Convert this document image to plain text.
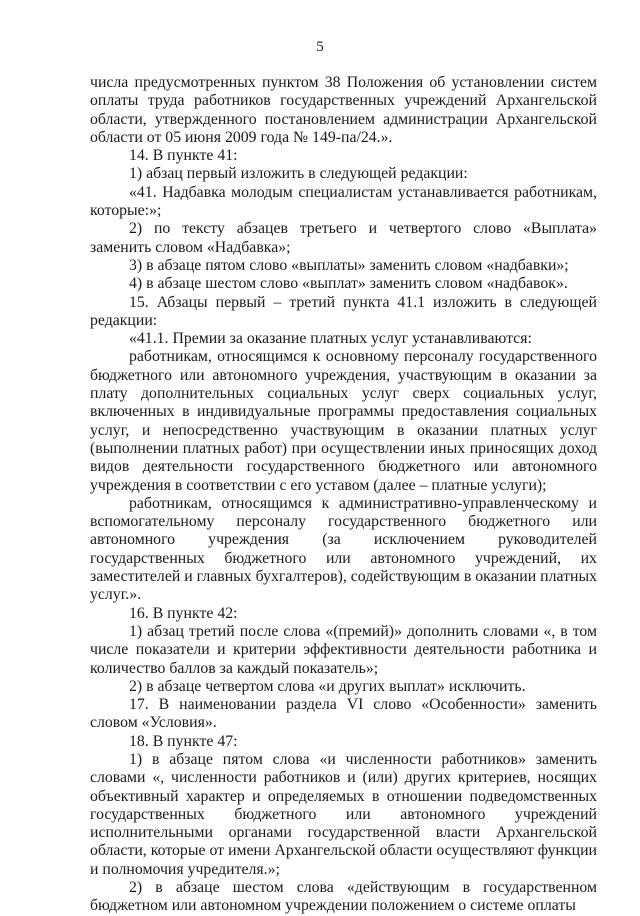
5

числа предусмотренных пунктом 38 Положения об установлении систем оплаты труда работников государственных учреждений Архангельской области, утвержденного постановлением администрации Архангельской области от 05 июня 2009 года № 149-па/24.».

14. В пункте 41:

1) абзац первый изложить в следующей редакции:

«41. Надбавка молодым специалистам устанавливается работникам, которые:»;

2) по тексту абзацев третьего и четвертого слово «Выплата» заменить словом «Надбавка»;

3) в абзаце пятом слово «выплаты» заменить словом «надбавки»;

4) в абзаце шестом слово «выплат» заменить словом «надбавок».

15. Абзацы первый – третий пункта 41.1 изложить в следующей редакции:

«41.1. Премии за оказание платных услуг устанавливаются:

работникам, относящимся к основному персоналу государственного бюджетного или автономного учреждения, участвующим в оказании за плату дополнительных социальных услуг сверх социальных услуг, включенных в индивидуальные программы предоставления социальных услуг, и непосредственно участвующим в оказании платных услуг (выполнении платных работ) при осуществлении иных приносящих доход видов деятельности государственного бюджетного или автономного учреждения в соответствии с его уставом (далее – платные услуги);

работникам, относящимся к административно-управленческому и вспомогательному персоналу государственного бюджетного или автономного учреждения (за исключением руководителей государственных бюджетного или автономного учреждений, их заместителей и главных бухгалтеров), содействующим в оказании платных услуг.».

16. В пункте 42:

1) абзац третий после слова «(премий)» дополнить словами «, в том числе показатели и критерии эффективности деятельности работника и количество баллов за каждый показатель»;

2) в абзаце четвертом слова «и других выплат» исключить.

17. В наименовании раздела VI слово «Особенности» заменить словом «Условия».

18. В пункте 47:

1) в абзаце пятом слова «и численности работников» заменить словами «, численности работников и (или) других критериев, носящих объективный характер и определяемых в отношении подведомственных государственных бюджетного или автономного учреждений исполнительными органами государственной власти Архангельской области, которые от имени Архангельской области осуществляют функции и полномочия учредителя.»;

2) в абзаце шестом слова «действующим в государственном бюджетном или автономном учреждении положением о системе оплаты
